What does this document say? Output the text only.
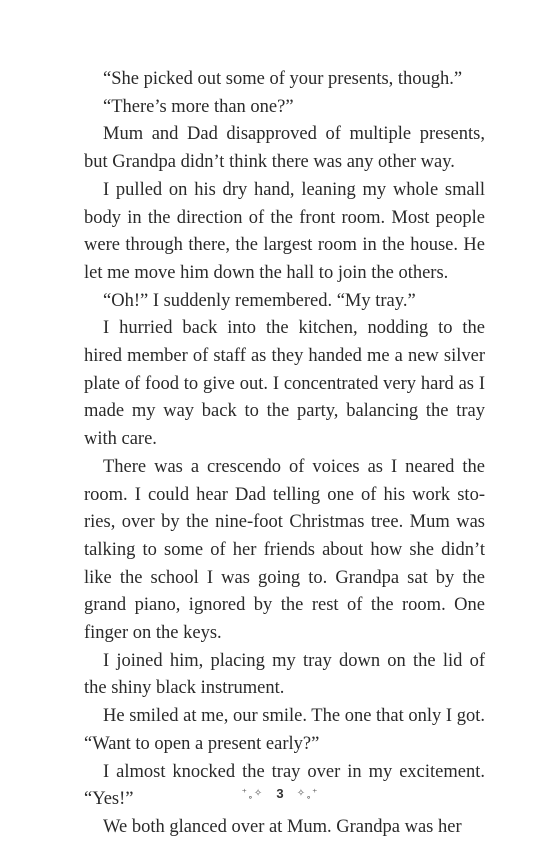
“She picked out some of your presents, though.”

“There’s more than one?”

Mum and Dad disapproved of multiple presents, but Grandpa didn’t think there was any other way.

I pulled on his dry hand, leaning my whole small body in the direction of the front room. Most people were through there, the largest room in the house. He let me move him down the hall to join the others.

“Oh!” I suddenly remembered. “My tray.”

I hurried back into the kitchen, nodding to the hired member of staff as they handed me a new silver plate of food to give out. I concentrated very hard as I made my way back to the party, balancing the tray with care.

There was a crescendo of voices as I neared the room. I could hear Dad telling one of his work stories, over by the nine-foot Christmas tree. Mum was talking to some of her friends about how she didn’t like the school I was going to. Grandpa sat by the grand piano, ignored by the rest of the room. One finger on the keys.

I joined him, placing my tray down on the lid of the shiny black instrument.

He smiled at me, our smile. The one that only I got. “Want to open a present early?”

I almost knocked the tray over in my excitement. “Yes!”

We both glanced over at Mum. Grandpa was her

⁺˳✧ 3 ✧˳⁺
